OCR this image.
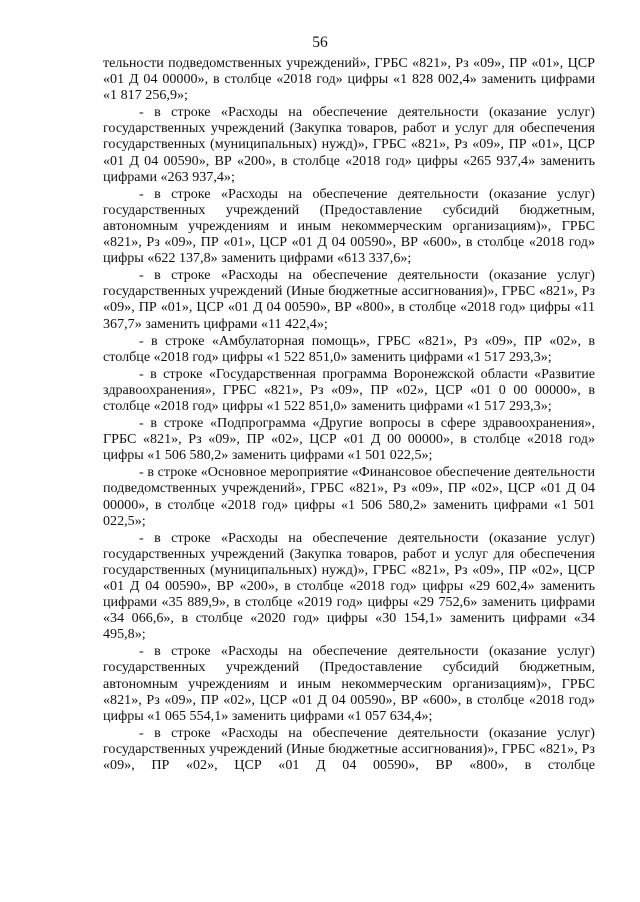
56

тельности подведомственных учреждений», ГРБС «821», Рз «09», ПР «01», ЦСР «01 Д 04 00000», в столбце «2018 год» цифры «1 828 002,4» заменить цифрами «1 817 256,9»;

- в строке «Расходы на обеспечение деятельности (оказание услуг) государственных учреждений (Закупка товаров, работ и услуг для обеспечения государственных (муниципальных) нужд)», ГРБС «821», Рз «09», ПР «01», ЦСР «01 Д 04 00590», ВР «200», в столбце «2018 год» цифры «265 937,4» заменить цифрами «263 937,4»;

- в строке «Расходы на обеспечение деятельности (оказание услуг) государственных учреждений (Предоставление субсидий бюджетным, автономным учреждениям и иным некоммерческим организациям)», ГРБС «821», Рз «09», ПР «01», ЦСР «01 Д 04 00590», ВР «600», в столбце «2018 год» цифры «622 137,8» заменить цифрами «613 337,6»;

- в строке «Расходы на обеспечение деятельности (оказание услуг) государственных учреждений (Иные бюджетные ассигнования)», ГРБС «821», Рз «09», ПР «01», ЦСР «01 Д 04 00590», ВР «800», в столбце «2018 год» цифры «11 367,7» заменить цифрами «11 422,4»;

- в строке «Амбулаторная помощь», ГРБС «821», Рз «09», ПР «02», в столбце «2018 год» цифры «1 522 851,0» заменить цифрами «1 517 293,3»;

- в строке «Государственная программа Воронежской области «Развитие здравоохранения», ГРБС «821», Рз «09», ПР «02», ЦСР «01 0 00 00000», в столбце «2018 год» цифры «1 522 851,0» заменить цифрами «1 517 293,3»;

- в строке «Подпрограмма «Другие вопросы в сфере здравоохранения», ГРБС «821», Рз «09», ПР «02», ЦСР «01 Д 00 00000», в столбце «2018 год» цифры «1 506 580,2» заменить цифрами «1 501 022,5»;

- в строке «Основное мероприятие «Финансовое обеспечение деятельности подведомственных учреждений», ГРБС «821», Рз «09», ПР «02», ЦСР «01 Д 04 00000», в столбце «2018 год» цифры «1 506 580,2» заменить цифрами «1 501 022,5»;

- в строке «Расходы на обеспечение деятельности (оказание услуг) государственных учреждений (Закупка товаров, работ и услуг для обеспечения государственных (муниципальных) нужд)», ГРБС «821», Рз «09», ПР «02», ЦСР «01 Д 04 00590», ВР «200», в столбце «2018 год» цифры «29 602,4» заменить цифрами «35 889,9», в столбце «2019 год» цифры «29 752,6» заменить цифрами «34 066,6», в столбце «2020 год» цифры «30 154,1» заменить цифрами «34 495,8»;

- в строке «Расходы на обеспечение деятельности (оказание услуг) государственных учреждений (Предоставление субсидий бюджетным, автономным учреждениям и иным некоммерческим организациям)», ГРБС «821», Рз «09», ПР «02», ЦСР «01 Д 04 00590», ВР «600», в столбце «2018 год» цифры «1 065 554,1» заменить цифрами «1 057 634,4»;

- в строке «Расходы на обеспечение деятельности (оказание услуг) государственных учреждений (Иные бюджетные ассигнования)», ГРБС «821», Рз «09», ПР «02», ЦСР «01 Д 04 00590», ВР «800», в столбце
